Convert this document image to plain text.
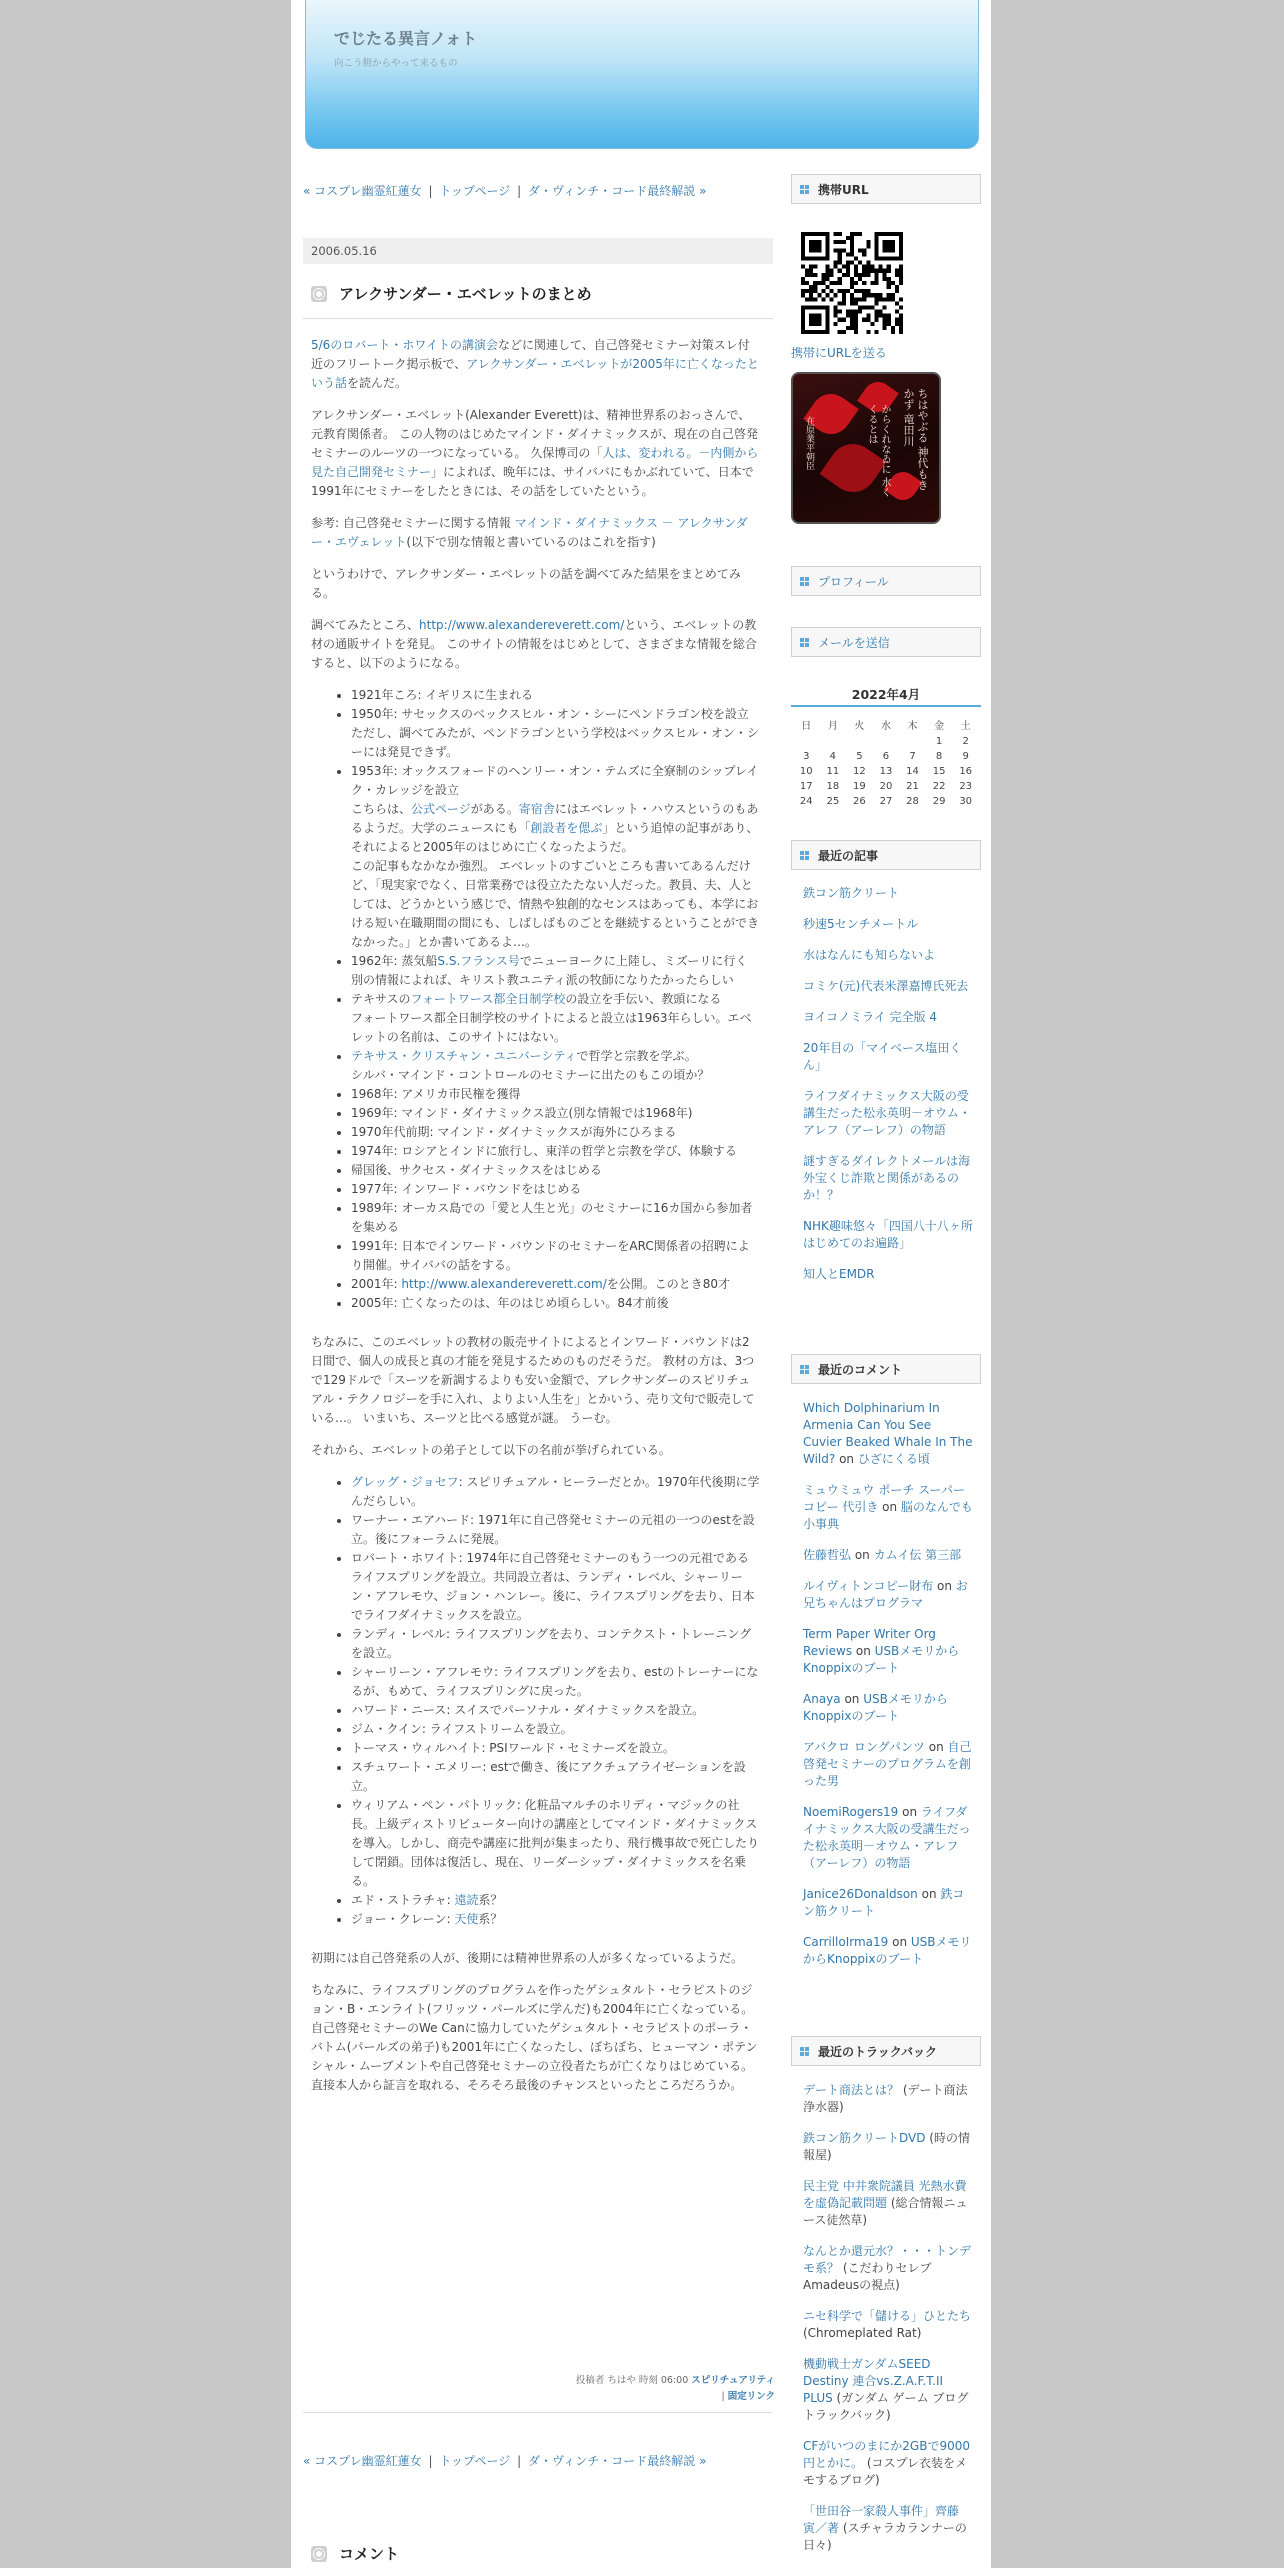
でじたる異言ノォト
向こう側からやって来るもの
« コスプレ幽霊紅蓮女 | トップページ | ダ・ヴィンチ・コード最終解説 »
2006.05.16
アレクサンダー・エベレットのまとめ

5/6のロバート・ホワイトの講演会などに関連して、自己啓発セミナー対策スレ付近のフリートーク掲示板で、アレクサンダー・エベレットが2005年に亡くなったという話を読んだ。

アレクサンダー・エベレット(Alexander Everett)は、精神世界系のおっさんで、元教育関係者。 この人物のはじめたマインド・ダイナミックスが、現在の自己啓発セミナーのルーツの一つになっている。 久保博司の「人は、変われる。－内側から見た自己開発セミナー」によれば、晩年には、サイババにもかぶれていて、日本で1991年にセミナーをしたときには、その話をしていたという。

参考: 自己啓発セミナーに関する情報 マインド・ダイナミックス － アレクサンダー・エヴェレット(以下で別な情報と書いているのはこれを指す)

というわけで、アレクサンダー・エベレットの話を調べてみた結果をまとめてみる。

調べてみたところ、http://www.alexandereverett.com/という、エベレットの教材の通販サイトを発見。 このサイトの情報をはじめとして、さまざまな情報を総合すると、以下のようになる。

• 1921年ころ: イギリスに生まれる
• 1950年: サセックスのベックスヒル・オン・シーにペンドラゴン校を設立
ただし、調べてみたが、ペンドラゴンという学校はベックスヒル・オン・シーには発見できず。
• 1953年: オックスフォードのヘンリー・オン・テムズに全寮制のシップレイク・カレッジを設立
こちらは、公式ページがある。寄宿舎にはエベレット・ハウスというのもあるようだ。大学のニュースにも「創設者を偲ぶ」という追悼の記事があり、それによると2005年のはじめに亡くなったようだ。
この記事もなかなか強烈。 エベレットのすごいところも書いてあるんだけど、「現実家でなく、日常業務では役立たたない人だった。教員、夫、人としては、どうかという感じで、情熱や独創的なセンスはあっても、本学における短い在職期間の間にも、しばしばものごとを継続するということができなかった。」とか書いてあるよ…。
• 1962年: 蒸気船S.S.フランス号でニューヨークに上陸し、ミズーリに行く
別の情報によれば、キリスト教ユニティ派の牧師になりたかったらしい
• テキサスのフォートワース都全日制学校の設立を手伝い、教頭になる
フォートワース都全日制学校のサイトによると設立は1963年らしい。エベレットの名前は、このサイトにはない。
• テキサス・クリスチャン・ユニバーシティで哲学と宗教を学ぶ。
シルバ・マインド・コントロールのセミナーに出たのもこの頃か？
• 1968年: アメリカ市民権を獲得
• 1969年: マインド・ダイナミックス設立(別な情報では1968年)
• 1970年代前期: マインド・ダイナミックスが海外にひろまる
• 1974年: ロシアとインドに旅行し、東洋の哲学と宗教を学び、体験する
• 帰国後、サクセス・ダイナミックスをはじめる
• 1977年: インワード・バウンドをはじめる
• 1989年: オーカス島での「愛と人生と光」のセミナーに16カ国から参加者を集める
• 1991年: 日本でインワード・バウンドのセミナーをARC関係者の招聘により開催。サイババの話をする。
• 2001年: http://www.alexandereverett.com/を公開。このとき80才
• 2005年: 亡くなったのは、年のはじめ頃らしい。84才前後

ちなみに、このエベレットの教材の販売サイトによるとインワード・バウンドは2日間で、個人の成長と真の才能を発見するためのものだそうだ。 教材の方は、3つで129ドルで「スーツを新調するよりも安い金額で、アレクサンダーのスピリチュアル・テクノロジーを手に入れ、よりよい人生を」とかいう、売り文句で販売している…。 いまいち、スーツと比べる感覚が謎。 うーむ。

それから、エベレットの弟子として以下の名前が挙げられている。

• グレッグ・ジョセフ: スピリチュアル・ヒーラーだとか。1970年代後期に学んだらしい。
• ワーナー・エアハード: 1971年に自己啓発セミナーの元祖の一つのestを設立。後にフォーラムに発展。
• ロバート・ホワイト: 1974年に自己啓発セミナーのもう一つの元祖であるライフスプリングを設立。共同設立者は、ランディ・レベル、シャーリーン・アフレモウ、ジョン・ハンレー。後に、ライフスプリングを去り、日本でライフダイナミックスを設立。
• ランディ・レベル: ライフスプリングを去り、コンテクスト・トレーニングを設立。
• シャーリーン・アフレモウ: ライフスプリングを去り、estのトレーナーになるが、もめて、ライフスプリングに戻った。
• ハワード・ニース: スイスでパーソナル・ダイナミックスを設立。
• ジム・クイン: ライフストリームを設立。
• トーマス・ウィルハイト: PSIワールド・セミナーズを設立。
• スチュワート・エメリー: estで働き、後にアクチュアライゼーションを設立。
• ウィリアム・ペン・パトリック: 化粧品マルチのホリディ・マジックの社長。上級ディストリビューター向けの講座としてマインド・ダイナミックスを導入。しかし、商売や講座に批判が集まったり、飛行機事故で死亡したりして閉鎖。団体は復活し、現在、リーダーシップ・ダイナミックスを名乗る。
• エド・ストラチャ: 遠読系？
• ジョー・クレーン: 天使系？

初期には自己啓発系の人が、後期には精神世界系の人が多くなっているようだ。

ちなみに、ライフスプリングのプログラムを作ったゲシュタルト・セラピストのジョン・B・エンライト(フリッツ・パールズに学んだ)も2004年に亡くなっている。 自己啓発セミナーのWe Canに協力していたゲシュタルト・セラピストのポーラ・バトム(パールズの弟子)も2001年に亡くなったし、ぼちぼち、ヒューマン・ポテンシャル・ムーブメントや自己啓発セミナーの立役者たちが亡くなりはじめている。 直接本人から証言を取れる、そろそろ最後のチャンスといったところだろうか。

投稿者 ちはや 時刻 06:00 スピリチュアリティ
| 固定リンク
« コスプレ幽霊紅蓮女 | トップページ | ダ・ヴィンチ・コード最終解説 »
コメント
携帯URL
携帯にURLを送る
ちはやぶる 神代もきかず 竜田川
からくれなゐに 水くくるとは
在原業平朝臣
プロフィール
メールを送信
2022年4月
日	月	火	水	木	金	土
					1	2
3	4	5	6	7	8	9
10	11	12	13	14	15	16
17	18	19	20	21	22	23
24	25	26	27	28	29	30
最近の記事
鉄コン筋クリート
秒速5センチメートル
水はなんにも知らないよ
コミケ(元)代表米澤嘉博氏死去
ヨイコノミライ 完全版 4
20年目の「マイベース塩田くん」
ライフダイナミックス大阪の受講生だった松永英明－オウム・アレフ（アーレフ）の物語
謎すぎるダイレクトメールは海外宝くじ詐欺と関係があるのか！？
NHK趣味悠々「四国八十八ヶ所 はじめてのお遍路」
知人とEMDR
最近のコメント
Which Dolphinarium In Armenia Can You See Cuvier Beaked Whale In The Wild? on ひざにくる頃
ミュウミュウ ポーチ スーパーコピー 代引き on 脳のなんでも小事典
佐藤哲弘 on カムイ伝 第三部
ルイヴィトンコピー財布 on お兄ちゃんはプログラマ
Term Paper Writer Org Reviews on USBメモリからKnoppixのブート
Anaya on USBメモリからKnoppixのブート
アバクロ ロングパンツ on 自己啓発セミナーのプログラムを創った男
NoemiRogers19 on ライフダイナミックス大阪の受講生だった松永英明－オウム・アレフ（アーレフ）の物語
Janice26Donaldson on 鉄コン筋クリート
CarrilloIrma19 on USBメモリからKnoppixのブート
最近のトラックバック
デート商法とは？ (デート商法浄水器)
鉄コン筋クリートDVD (時の情報屋)
民主党 中井衆院議員 光熱水費を虚偽記載問題 (総合情報ニュース徒然草)
なんとか還元水？・・・トンデモ系？ (こだわりセレブAmadeusの視点)
ニセ科学で「儲ける」ひとたち (Chromeplated Rat)
機動戦士ガンダムSEED Destiny 連合vs.Z.A.F.T.II PLUS (ガンダム ゲーム ブログ トラックバック)
CFがいつのまにか2GBで9000円とかに。 (コスプレ衣装をメモするブログ)
「世田谷一家殺人事件」齊藤　寅／著 (スチャラカランナーの日々)
